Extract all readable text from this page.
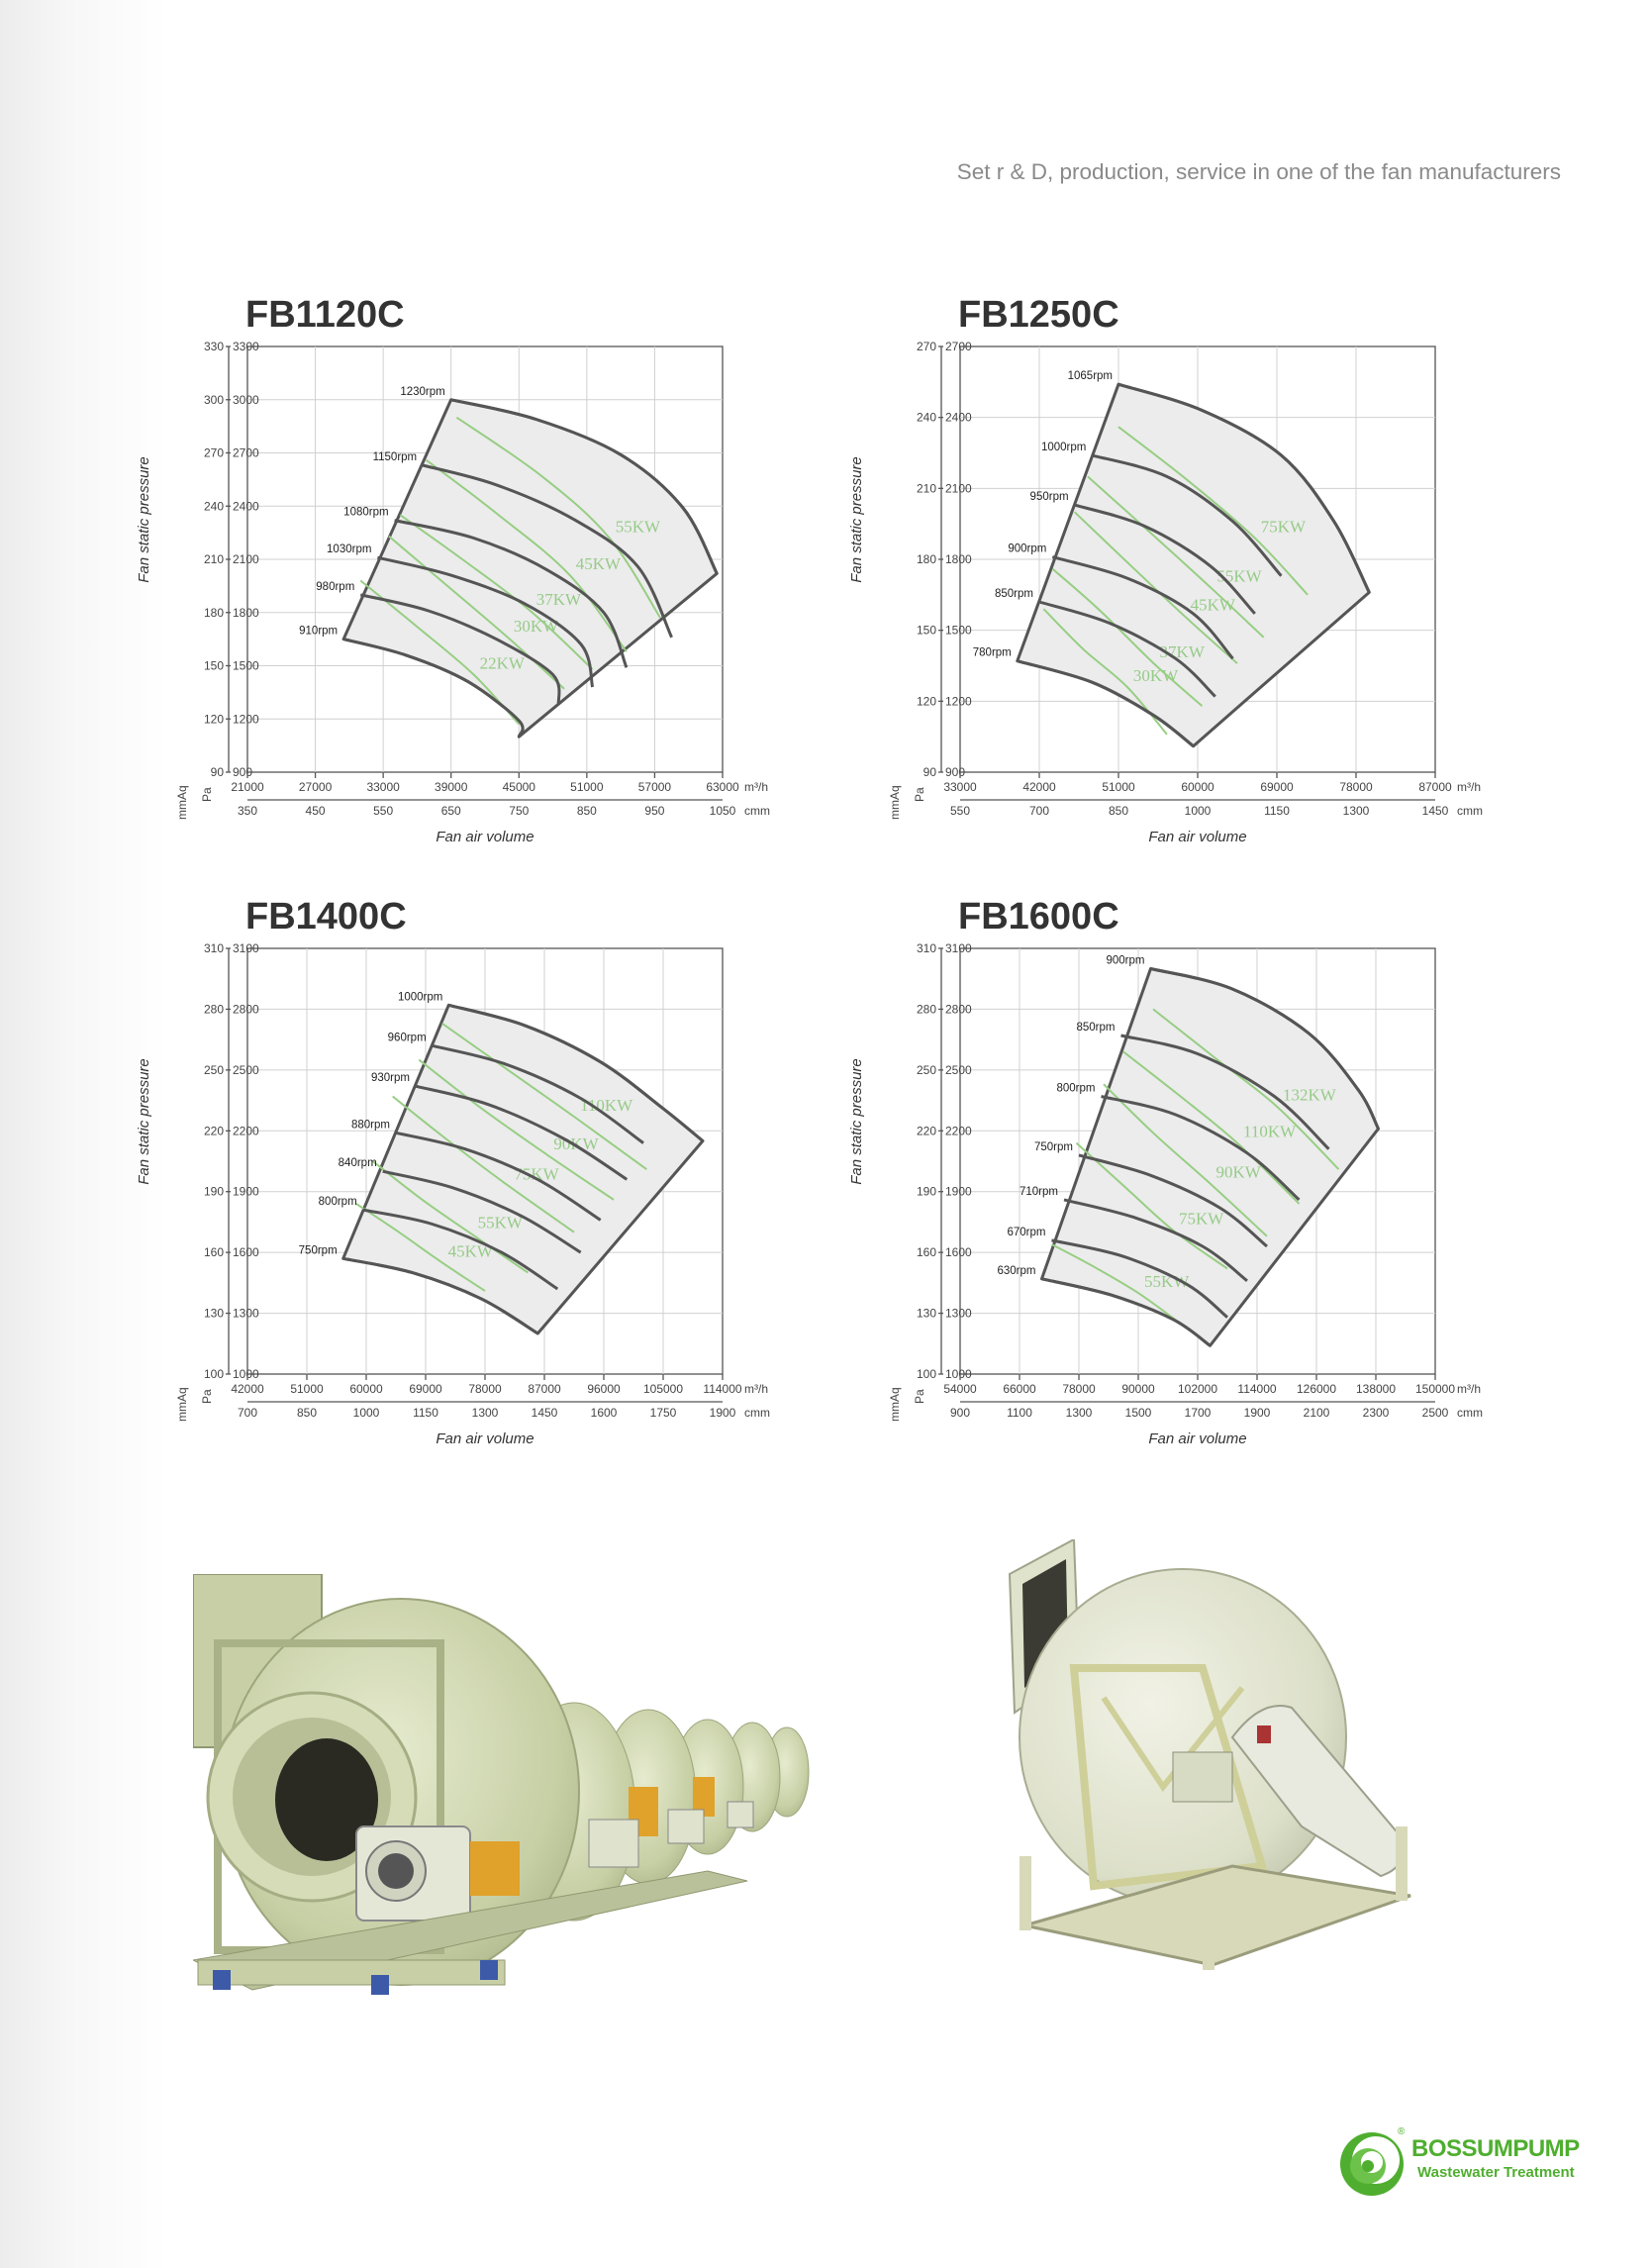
Set r & D, production, service in one of the fan manufacturers
FB1120C
330 3300
300 3000
270 2700
240 2400
210 2100
180 1800
150 1500
120 1200
90 900
21000
350
27000
450
33000
550
39000
650
45000
750
51000
850
57000
950
63000
1050
m³/h
cmm
mmAq Pa
Fan air volume
Fan static pressure
22KW
30KW
37KW
45KW
55KW
910rpm
980rpm
1030rpm
1080rpm
1150rpm
1230rpm
FB1250C
270 2700
240 2400
210 2100
180 1800
150 1500
120 1200
90 900
33000
550
42000
700
51000
850
60000
1000
69000
1150
78000
1300
87000
1450
m³/h
cmm
mmAq Pa
Fan air volume
Fan static pressure
30KW
37KW
45KW
55KW
75KW
780rpm
850rpm
900rpm
950rpm
1000rpm
1065rpm
FB1400C
310 3100
280 2800
250 2500
220 2200
190 1900
160 1600
130 1300
100 1000
42000
700
51000
850
60000
1000
69000
1150
78000
1300
87000
1450
96000
1600
105000
1750
114000
1900
m³/h
cmm
mmAq Pa
Fan air volume
Fan static pressure
45KW
55KW
75KW
90KW
110KW
750rpm
800rpm
840rpm
880rpm
930rpm
960rpm
1000rpm
FB1600C
310 3100
280 2800
250 2500
220 2200
190 1900
160 1600
130 1300
100 1000
54000
900
66000
1100
78000
1300
90000
1500
102000
1700
114000
1900
126000
2100
138000
2300
150000
2500
m³/h
cmm
mmAq Pa
Fan air volume
Fan static pressure
55KW
75KW
90KW
110KW
132KW
630rpm
670rpm
710rpm
750rpm
800rpm
850rpm
900rpm
®
BOSSUMPUMP
Wastewater Treatment
